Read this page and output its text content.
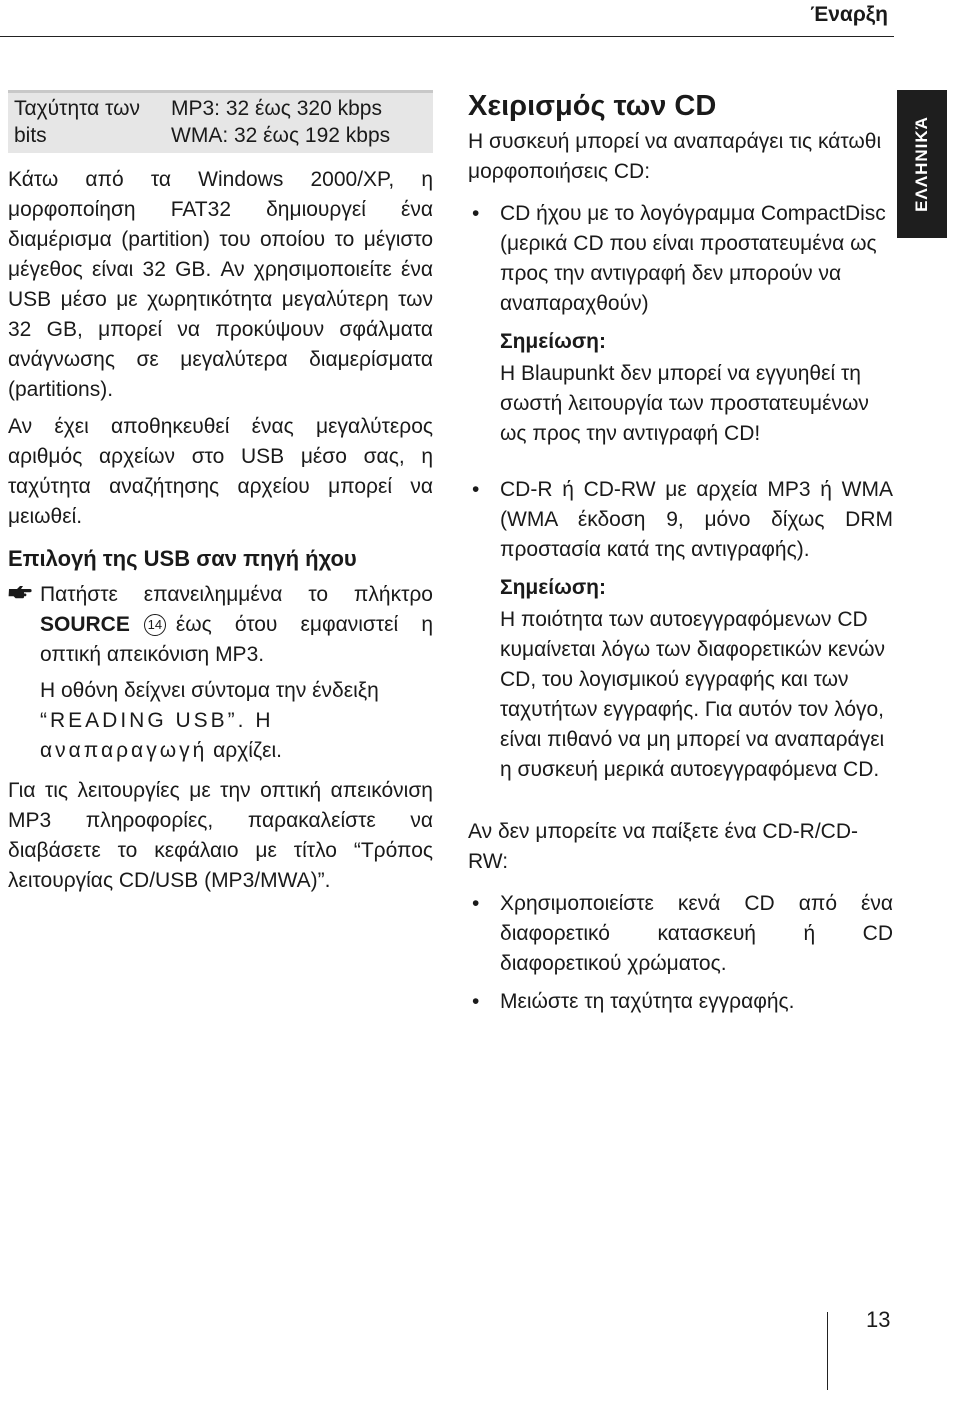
Έναρξη
ΕΛΛΗΝΙΚΆ
Ταχύτητα των bits
MP3: 32 έως 320 kbps
WMA: 32 έως 192 kbps

Κάτω από τα Windows 2000/XP, η μορφοποίηση FAT32 δημιουργεί ένα διαμέρισμα (partition) του οποίου το μέγιστο μέγεθος είναι 32 GB. Αν χρησιμοποιείτε ένα USB μέσο με χωρητικότητα μεγαλύτερη των 32 GB, μπορεί να προκύψουν σφάλματα ανάγνωσης σε μεγαλύτερα διαμερίσματα (partitions).

Αν έχει αποθηκευθεί ένας μεγαλύτερος αριθμός αρχείων στο USB μέσο σας, η ταχύτητα αναζήτησης αρχείου μπορεί να μειωθεί.

Επιλογή της USB σαν πηγή ήχου
Πατήστε επανειλημμένα το πλήκτρο SOURCE 14 έως ότου εμφανιστεί η οπτική απεικόνιση MP3.
Η οθόνη δείχνει σύντομα την ένδειξη “READING USB”. Η αναπαραγωγή αρχίζει.

Για τις λειτουργίες με την οπτική απεικόνιση MP3 πληροφορίες, παρακαλείστε να διαβάσετε το κεφάλαιο με τίτλο “Τρόπος λειτουργίας CD/USB (MP3/MWA)”.

Χειρισμός των CD

Η συσκευή μπορεί να αναπαράγει τις κάτωθι μορφοποιήσεις CD:

• CD ήχου με το λογόγραμμα CompactDisc (μερικά CD που είναι προστατευμένα ως προς την αντιγραφή δεν μπορούν να αναπαραχθούν)
Σημείωση:
Η Blaupunkt δεν μπορεί να εγγυηθεί τη σωστή λειτουργία των προστατευμένων ως προς την αντιγραφή CD!
• CD-R ή CD-RW με αρχεία MP3 ή WMA (WMA έκδοση 9, μόνο δίχως DRM προστασία κατά της αντιγραφής).
Σημείωση:
Η ποιότητα των αυτοεγγραφόμενων CD κυμαίνεται λόγω των διαφορετικών κενών CD, του λογισμικού εγγραφής και των ταχυτήτων εγγραφής. Για αυτόν τον λόγο, είναι πιθανό να μη μπορεί να αναπαράγει η συσκευή μερικά αυτοεγγραφόμενα CD.

Αν δεν μπορείτε να παίξετε ένα CD-R/CD-RW:

• Χρησιμοποιείστε κενά CD από ένα διαφορετικό κατασκευή ή CD διαφορετικού χρώματος.
• Μειώστε τη ταχύτητα εγγραφής.
13
